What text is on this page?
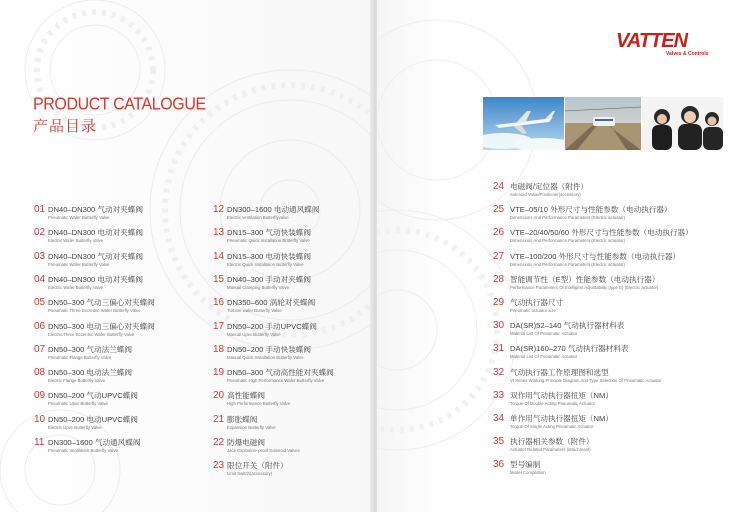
PRODUCT CATALOGUE
产品目录
01 DN40–DN300 气动对夹蝶阀
Pneumatic Wafer Butterfly Valve
02 DN40–DN300 电动对夹蝶阀
Electric Wafer Butterfly Valve
03 DN40–DN300 气动对夹蝶阀
Pneumatic Wafer Butterfly Valve
04 DN40–DN300 电动对夹蝶阀
Electric Wafer Butterfly Valve
05 DN50–300 气动三偏心对夹蝶阀
Pneumatic Three Eccentric Wafer Butterfly Valve
06 DN50–300 电动三偏心对夹蝶阀
Electric Three Eccentric Wafer Butterfly Valve
07 DN50–300 气动法兰蝶阀
Pneumatic Flange Butterfly Valve
08 DN50–300 电动法兰蝶阀
Electric Flange Butterfly Valve
09 DN50–200 气动UPVC蝶阀
Pneumatic Upvc Butterfly Valve
10 DN50–200 电动UPVC蝶阀
Electric Upvc Butterfly Valve
11 DN300–1600 气动通风蝶阀
Pneumatic Ventilation Butterfly Valve
12 DN300–1600 电动通风蝶阀
Electric ventilation Butterflyvalve
13 DN15–300 气动快装蝶阀
Pneumatic Quick Installation Butterfly Valve
14 DN15–300 电动快装蝶阀
Electric Quick Installation Butterfly Valve
15 DN40–300 手动对夹蝶阀
Manual Clamping Butterfly Valve
16 DN350–600 涡轮对夹蝶阀
Turbine wafer Butterfly Valve
17 DN50–200 手动UPVC蝶阀
Manual Upvc Butterfly Valve
18 DN50–200 手动快装蝶阀
Manual Quick Installation Butterfly Valve
19 DN50–300 气动高性能对夹蝶阀
Pneumatic High Performance Wafer Butterfly Valve
20 高性能蝶阀
High Performance Butterfly Valve
21 膨胀蝶阀
Expansion Butterfly Valve
22 防爆电磁阀
Jace Explosion–proof Solenoid Valves
23 限位开关（附件）
Limit Switch(accessory)
VATTEN
Valves & Controls
24 电磁阀/定位器（附件）
Solenoid Valve/Positioner(accessory)
25 VTE–05/10 外形尺寸与性能参数（电动执行器）
Dimensions And Performance Parameters (Electric actuator)
26 VTE–20/40/50/60 外形尺寸与性能参数（电动执行器）
Dimensions And Performance Parameters (Electric actuator)
27 VTE–100/200 外形尺寸与性能参数（电动执行器）
Dimensions And Performance Parameters (Electric actuator)
28 智能调节性（E型）性能参数（电动执行器）
Performance Parameters Of Intelligent Adjustability (type E) (Electric actuator)
29 气动执行器尺寸
Pneumatic actuator size
30 DA(SR)52–140 气动执行器材料表
Material List Of Pneumatic Actuator
31 DA(SR)160–270 气动执行器材料表
Material List Of Pneumatic Actuator
32 气动执行器工作原理图和选型
Vt Series Working Principle Diagram And Type Selection Of Pneumatic Actuator
33 双作用气动执行器扭矩（NM）
Torque Of Double Acting Pneumatic Actuator
34 单作用气动执行器扭矩（NM）
Torque Of Single Acting Pneumatic Actuator
35 执行器相关参数（附件）
Actuator Related Parameters (attachment)
36 型号编制
Model Compilation
